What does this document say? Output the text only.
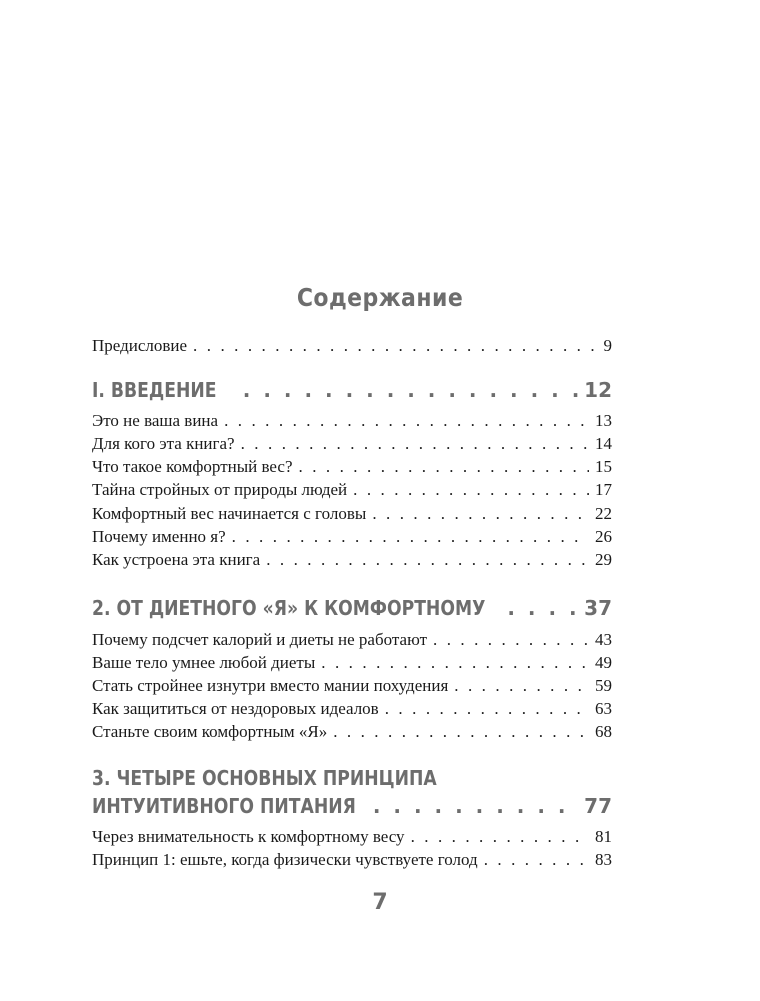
Содержание
Предисловие . . .	9
I. ВВЕДЕНИЕ . . .	12
Это не ваша вина . . .	13
Для кого эта книга? . . .	14
Что такое комфортный вес? . . .	15
Тайна стройных от природы людей . . .	17
Комфортный вес начинается с головы . . .	22
Почему именно я? . . .	26
Как устроена эта книга . . .	29
2. ОТ ДИЕТНОГО «Я» К КОМФОРТНОМУ . . .	37
Почему подсчет калорий и диеты не работают . . .	43
Ваше тело умнее любой диеты . . .	49
Стать стройнее изнутри вместо мании похудения . . .	59
Как защититься от нездоровых идеалов . . .	63
Станьте своим комфортным «Я» . . .	68
3. ЧЕТЫРЕ ОСНОВНЫХ ПРИНЦИПА
ИНТУИТИВНОГО ПИТАНИЯ . . .	77
Через внимательность к комфортному весу . . .	81
Принцип 1: ешьте, когда физически чувствуете голод . . .	83
7
